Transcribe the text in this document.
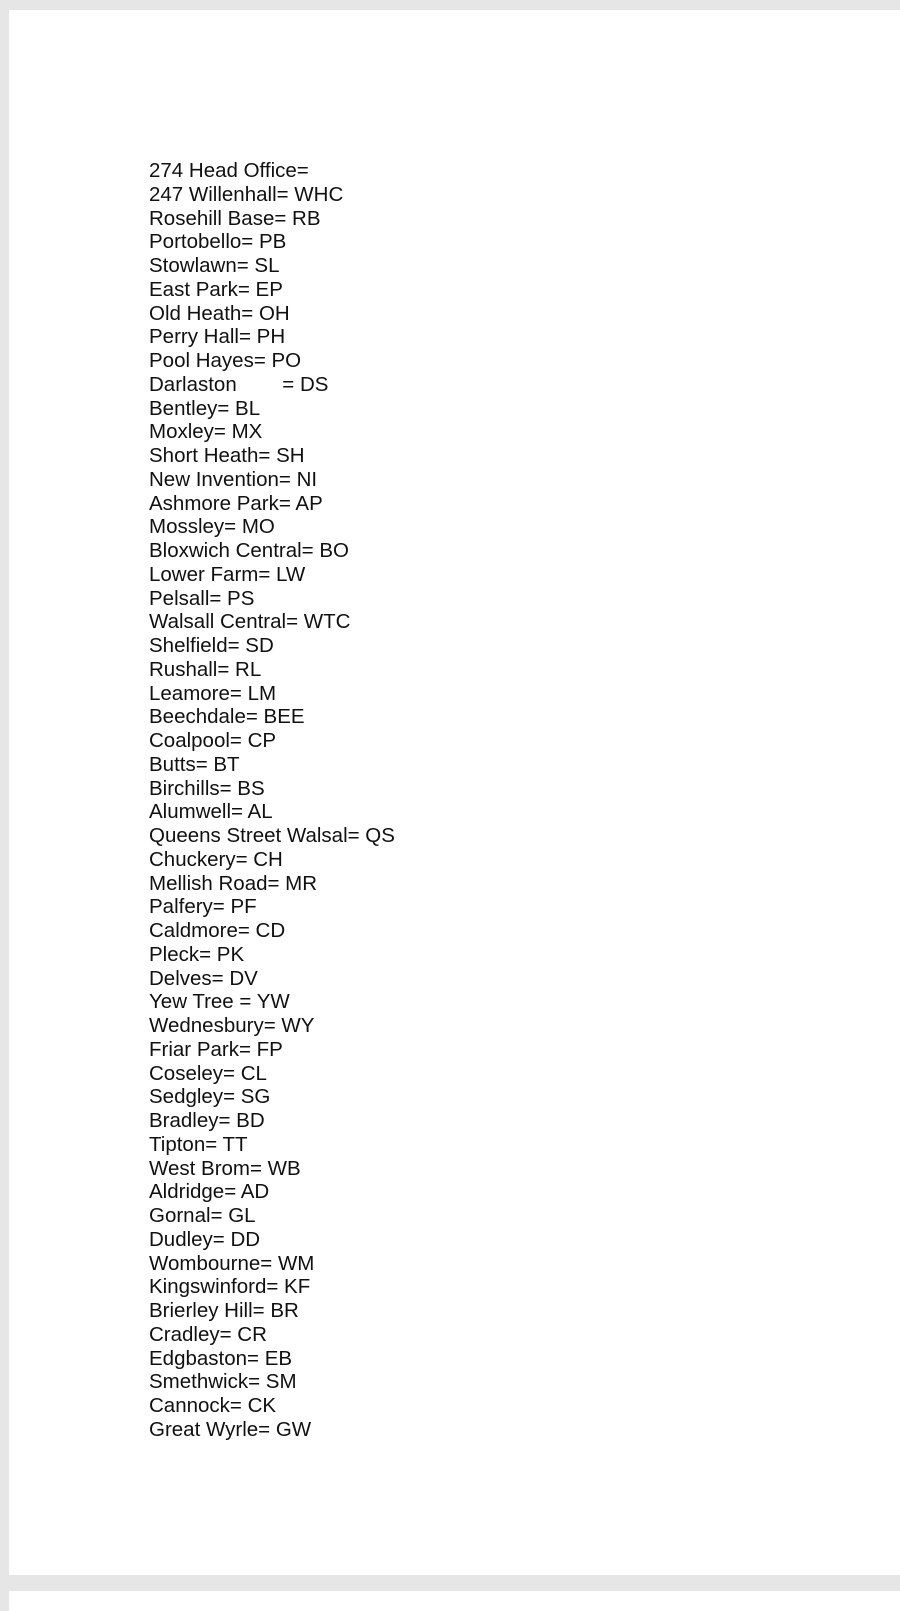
274 Head Office=
247 Willenhall= WHC
Rosehill Base= RB
Portobello= PB
Stowlawn= SL
East Park= EP
Old Heath= OH
Perry Hall= PH
Pool Hayes= PO
Darlaston        = DS
Bentley= BL
Moxley= MX
Short Heath= SH
New Invention= NI
Ashmore Park= AP
Mossley= MO
Bloxwich Central= BO
Lower Farm= LW
Pelsall= PS
Walsall Central= WTC
Shelfield= SD
Rushall= RL
Leamore= LM
Beechdale= BEE
Coalpool= CP
Butts= BT
Birchills= BS
Alumwell= AL
Queens Street Walsal= QS
Chuckery= CH
Mellish Road= MR
Palfery= PF
Caldmore= CD
Pleck= PK
Delves= DV
Yew Tree = YW
Wednesbury= WY
Friar Park= FP
Coseley= CL
Sedgley= SG
Bradley= BD
Tipton= TT
West Brom= WB
Aldridge= AD
Gornal= GL
Dudley= DD
Wombourne= WM
Kingswinford= KF
Brierley Hill= BR
Cradley= CR
Edgbaston= EB
Smethwick= SM
Cannock= CK
Great Wyrle= GW
